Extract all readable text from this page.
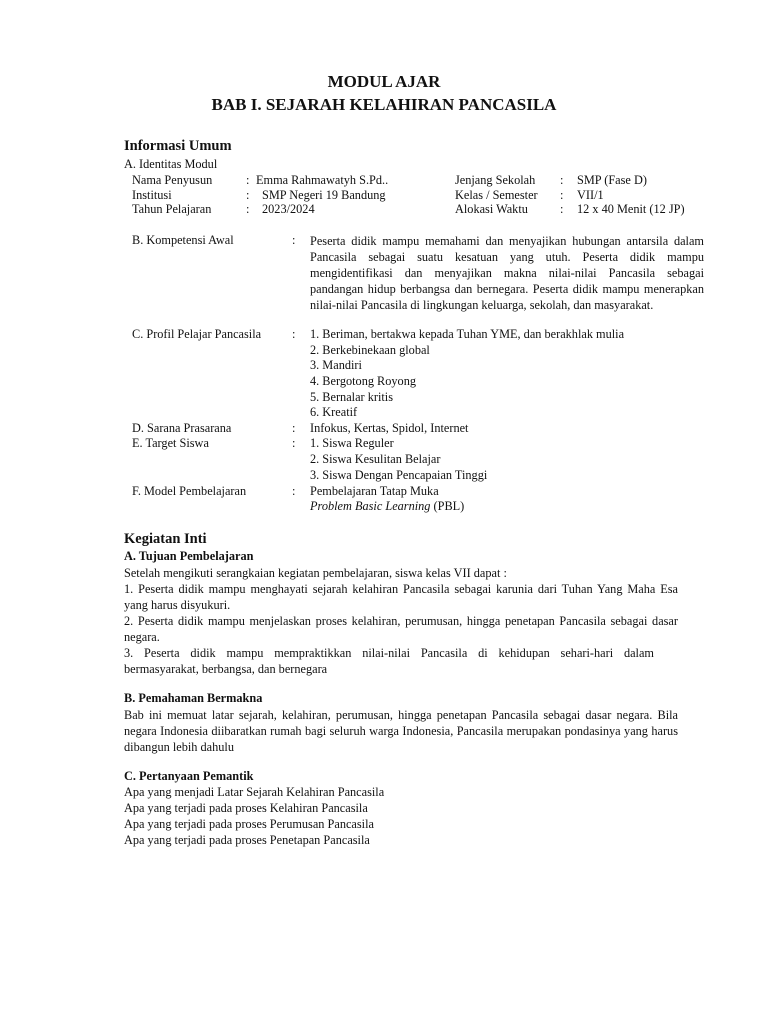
MODUL AJAR
BAB I. SEJARAH KELAHIRAN PANCASILA
Informasi Umum
A. Identitas Modul
Nama Penyusun	: Emma Rahmawatyh S.Pd..	Jenjang Sekolah : SMP (Fase D)
Institusi	: SMP Negeri 19 Bandung	Kelas / Semester : VII/1
Tahun Pelajaran	: 2023/2024	Alokasi Waktu	: 12 x 40 Menit (12 JP)
B. Kompetensi Awal	: Peserta didik mampu memahami dan menyajikan hubungan antarsila dalam Pancasila sebagai suatu kesatuan yang utuh. Peserta didik mampu mengidentifikasi dan menyajikan makna nilai-nilai Pancasila sebagai pandangan hidup berbangsa dan bernegara. Peserta didik mampu menerapkan nilai-nilai Pancasila di lingkungan keluarga, sekolah, dan masyarakat.
C. Profil Pelajar Pancasila	: 1. Beriman, bertakwa kepada Tuhan YME, dan berakhlak mulia
2. Berkebinekaan global
3. Mandiri
4. Bergotong Royong
5. Bernalar kritis
6. Kreatif
D. Sarana Prasarana	: Infokus, Kertas, Spidol, Internet
E. Target Siswa	: 1. Siswa Reguler
2. Siswa Kesulitan Belajar
3. Siswa Dengan Pencapaian Tinggi
F. Model Pembelajaran	: Pembelajaran Tatap Muka
Problem Basic Learning (PBL)
Kegiatan Inti
A. Tujuan Pembelajaran
Setelah mengikuti serangkaian kegiatan pembelajaran, siswa kelas VII dapat :
1. Peserta didik mampu menghayati sejarah kelahiran Pancasila sebagai karunia dari Tuhan Yang Maha Esa yang harus disyukuri.
2. Peserta didik mampu menjelaskan proses kelahiran, perumusan, hingga penetapan Pancasila sebagai dasar negara.
3. Peserta didik mampu mempraktikkan nilai-nilai Pancasila di kehidupan sehari-hari dalam bermasyarakat, berbangsa, dan bernegara
B. Pemahaman Bermakna
Bab ini memuat latar sejarah, kelahiran, perumusan, hingga penetapan Pancasila sebagai dasar negara. Bila negara Indonesia diibaratkan rumah bagi seluruh warga Indonesia, Pancasila merupakan pondasinya yang harus dibangun lebih dahulu
C. Pertanyaan Pemantik
Apa yang menjadi Latar Sejarah Kelahiran Pancasila
Apa yang terjadi pada proses Kelahiran Pancasila
Apa yang terjadi pada proses Perumusan Pancasila
Apa yang terjadi pada proses Penetapan Pancasila
